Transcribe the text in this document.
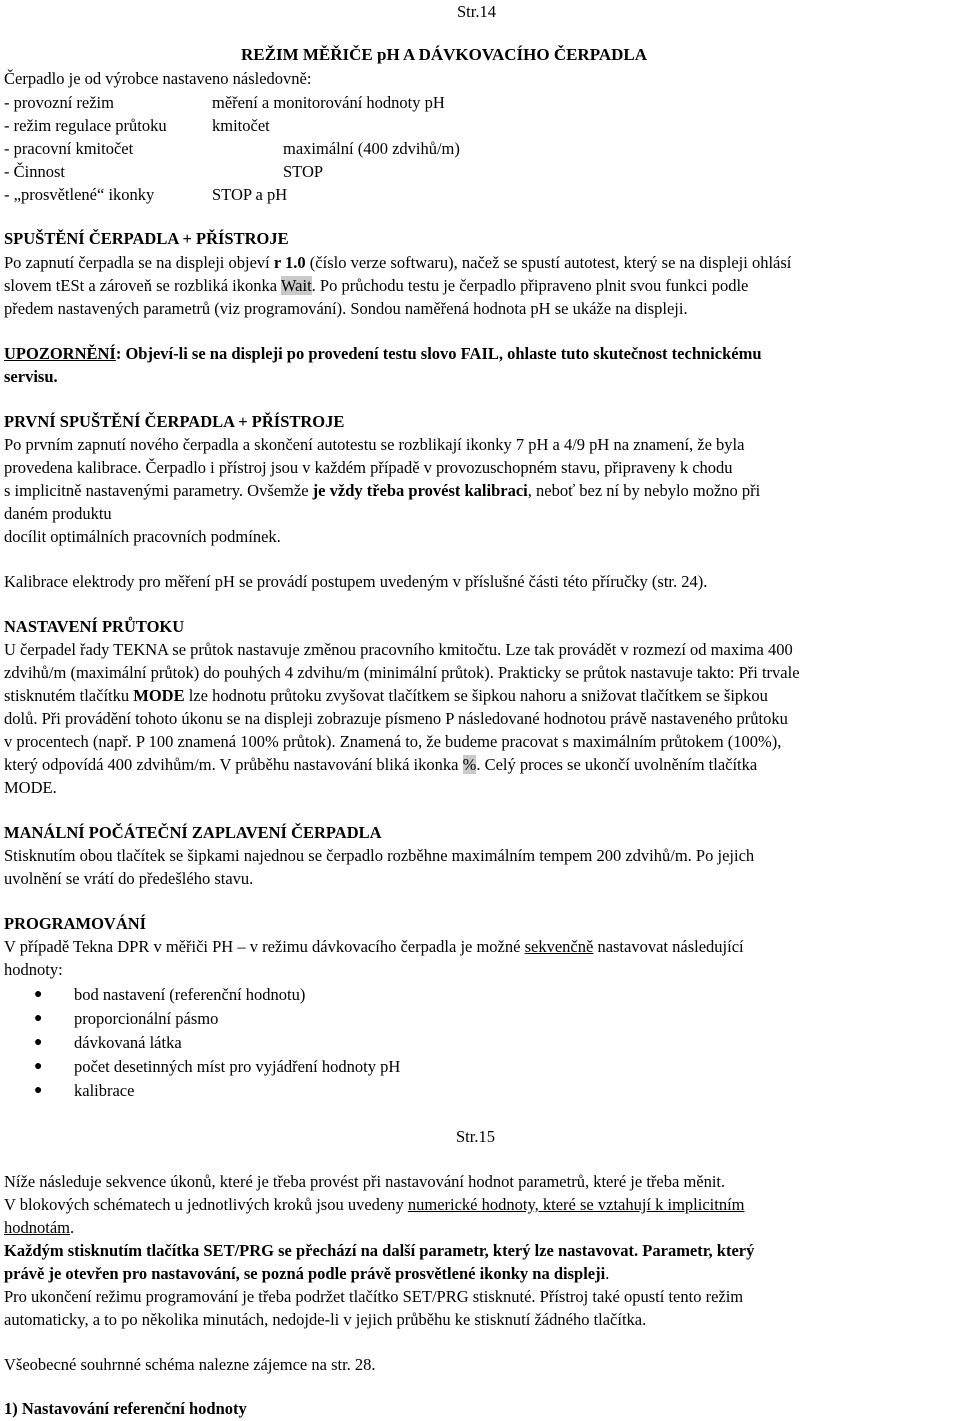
Str.14
REŽIM MĚŘIČE pH A DÁVKOVACÍHO ČERPADLA
Čerpadlo je od výrobce nastaveno následovně:
- provozní režim	měření a monitorování hodnoty pH
- režim regulace průtoku	kmitočet
- pracovní kmitočet	maximální (400 zdvihů/m)
- Činnost	STOP
- „prosvětlené“ ikonky	STOP a pH
SPUŠTĚNÍ ČERPADLA + PŘÍSTROJE
Po zapnutí čerpadla se na displeji objeví r 1.0 (číslo verze softwaru), načež se spustí autotest, který se na displeji ohlásí
slovem tESt a zároveň se rozbliká ikonka Wait. Po průchodu testu je čerpadlo připraveno plnit svou funkci podle
předem nastavených parametrů (viz programování). Sondou naměřená hodnota pH se ukáže na displeji.
UPOZORNĚNÍ: Objeví-li se na displeji po provedení testu slovo FAIL, ohlaste tuto skutečnost technickému
servisu.
PRVNÍ SPUŠTĚNÍ ČERPADLA + PŘÍSTROJE
Po prvním zapnutí nového čerpadla a skončení autotestu se rozblikají ikonky 7 pH a 4/9 pH na znamení, že byla
provedena kalibrace. Čerpadlo i přístroj jsou v každém případě v provozuschopném stavu, připraveny k chodu
s implicitně nastavenými parametry. Ovšemže je vždy třeba provést kalibraci, neboť bez ní by nebylo možno při
daném produktu
docílit optimálních pracovních podmínek.
Kalibrace elektrody pro měření pH se provádí postupem uvedeným v příslušné části této příručky (str. 24).
NASTAVENÍ PRŮTOKU
U čerpadel řady TEKNA se průtok nastavuje změnou pracovního kmitočtu. Lze tak provádět v rozmezí od maxima 400
zdvihů/m (maximální průtok) do pouhých 4 zdvihu/m (minimální průtok). Prakticky se průtok nastavuje takto: Při trvale
stisknutém tlačítku MODE lze hodnotu průtoku zvyšovat tlačítkem se šipkou nahoru a snižovat tlačítkem se šipkou
dolů. Při provádění tohoto úkonu se na displeji zobrazuje písmeno P následované hodnotou právě nastaveného průtoku
v procentech (např. P 100 znamená 100% průtok). Znamená to, že budeme pracovat s maximálním průtokem (100%),
který odpovídá 400 zdvihům/m. V průběhu nastavování bliká ikonka %. Celý proces se ukončí uvolněním tlačítka
MODE.
MANÁLNÍ POČÁTEČNÍ ZAPLAVENÍ ČERPADLA
Stisknutím obou tlačítek se šipkami najednou se čerpadlo rozběhne maximálním tempem 200 zdvihů/m. Po jejich
uvolnění se vrátí do předešlého stavu.
PROGRAMOVÁNÍ
V případě Tekna DPR v měřiči PH – v režimu dávkovacího čerpadla je možné sekvenčně nastavovat následující
hodnoty:
● bod nastavení (referenční hodnotu)
● proporcionální pásmo
● dávkovaná látka
● počet desetinných míst pro vyjádření hodnoty pH
● kalibrace
Str.15
Níže následuje sekvence úkonů, které je třeba provést při nastavování hodnot parametrů, které je třeba měnit.
V blokových schématech u jednotlivých kroků jsou uvedeny numerické hodnoty, které se vztahují k implicitním
hodnotám.
Každým stisknutím tlačítka SET/PRG se přechází na další parametr, který lze nastavovat. Parametr, který
právě je otevřen pro nastavování, se pozná podle právě prosvětlené ikonky na displeji.
Pro ukončení režimu programování je třeba podržet tlačítko SET/PRG stisknuté. Přístroj také opustí tento režim
automaticky, a to po několika minutách, nedojde-li v jejich průběhu ke stisknutí žádného tlačítka.
Všeobecné souhrnné schéma nalezne zájemce na str. 28.
1) Nastavování referenční hodnoty
